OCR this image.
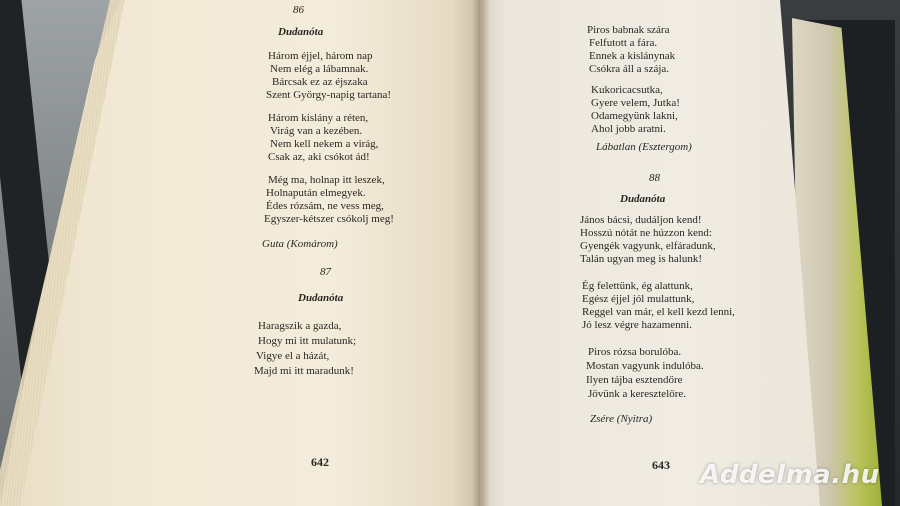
86
Dudanóta
Három éjjel, három nap
Nem elég a lábamnak.
Bárcsak ez az éjszaka
Szent György-napig tartana!
Három kislány a réten,
Virág van a kezében.
Nem kell nekem a virág,
Csak az, aki csókot ád!
Még ma, holnap itt leszek,
Holnapután elmegyek.
Édes rózsám, ne vess meg,
Egyszer-kétszer csókolj meg!
Guta (Komárom)
87
Dudanóta
Haragszik a gazda,
Hogy mi itt mulatunk;
Vigye el a házát,
Majd mi itt maradunk!
642
Piros babnak szára
Felfutott a fára.
Ennek a kislánynak
Csókra áll a szája.
Kukoricacsutka,
Gyere velem, Jutka!
Odamegyünk lakni,
Ahol jobb aratni.
Lábatlan (Esztergom)
88
Dudanóta
János bácsi, dudáljon kend!
Hosszú nótát ne húzzon kend:
Gyengék vagyunk, elfáradunk,
Talán ugyan meg is halunk!
Ég felettünk, ég alattunk,
Egész éjjel jól mulattunk,
Reggel van már, el kell kezd lenni,
Jó lesz végre hazamenni.
Piros rózsa borulóba.
Mostan vagyunk indulóba.
Ilyen tájba esztendőre
Jövünk a keresztelőre.
Zsére (Nyitra)
643 Addelma.hu
